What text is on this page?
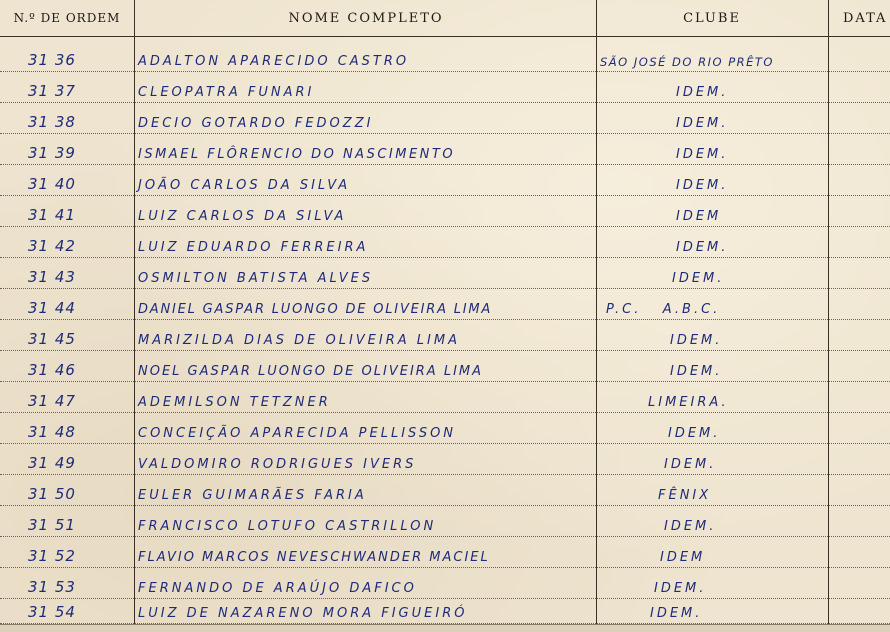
N.º DE ORDEM	NOME COMPLETO	CLUBE	DATA
31 36	ADALTON APARECIDO CASTRO	SÃO JOSÉ DO RIO PRÊTO
31 37	CLEOPATRA FUNARI	IDEM.
31 38	DECIO GOTARDO FEDOZZI	IDEM.
31 39	ISMAEL FLÔRENCIO DO NASCIMENTO	IDEM.
31 40	JOÃO CARLOS DA SILVA	IDEM.
31 41	LUIZ CARLOS DA SILVA	IDEM
31 42	LUIZ EDUARDO FERREIRA	IDEM.
31 43	OSMILTON BATISTA ALVES	IDEM.
31 44	DANIEL GASPAR LUONGO DE OLIVEIRA LIMA	P.C.   A.B.C.
31 45	MARIZILDA DIAS DE OLIVEIRA LIMA	IDEM.
31 46	NOEL GASPAR LUONGO DE OLIVEIRA LIMA	IDEM.
31 47	ADEMILSON TETZNER	LIMEIRA.
31 48	CONCEIÇÃO APARECIDA PELLISSON	IDEM.
31 49	VALDOMIRO RODRIGUES IVERS	IDEM.
31 50	EULER GUIMARÃES FARIA	FÊNIX
31 51	FRANCISCO LOTUFO CASTRILLON	IDEM.
31 52	FLAVIO MARCOS NEVESCHWANDER MACIEL	IDEM
31 53	FERNANDO DE ARAÚJO DAFICO	IDEM.
31 54	LUIZ DE NAZARENO MORA FIGUEIRÓ	IDEM.
